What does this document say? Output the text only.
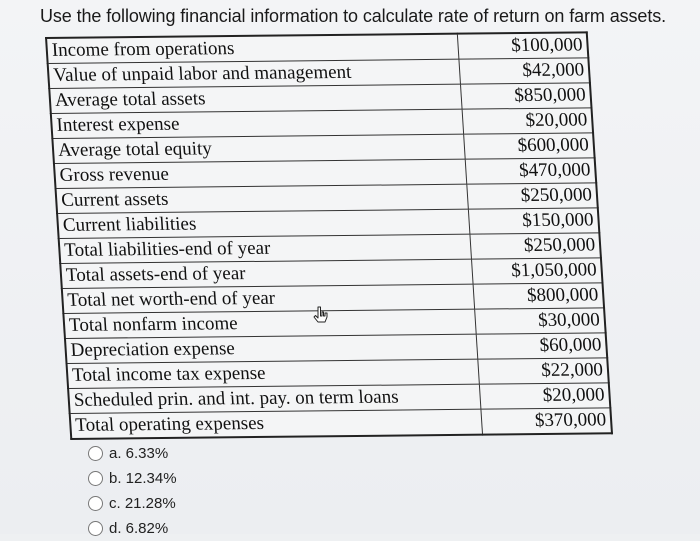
Use the following financial information to calculate rate of return on farm assets.
Income from operations	$100,000
Value of unpaid labor and management	$42,000
Average total assets	$850,000
Interest expense	$20,000
Average total equity	$600,000
Gross revenue	$470,000
Current assets	$250,000
Current liabilities	$150,000
Total liabilities-end of year	$250,000
Total assets-end of year	$1,050,000
Total net worth-end of year	$800,000
Total nonfarm income	$30,000
Depreciation expense	$60,000
Total income tax expense	$22,000
Scheduled prin. and int. pay. on term loans	$20,000
Total operating expenses	$370,000
a. 6.33%
b. 12.34%
c. 21.28%
d. 6.82%
